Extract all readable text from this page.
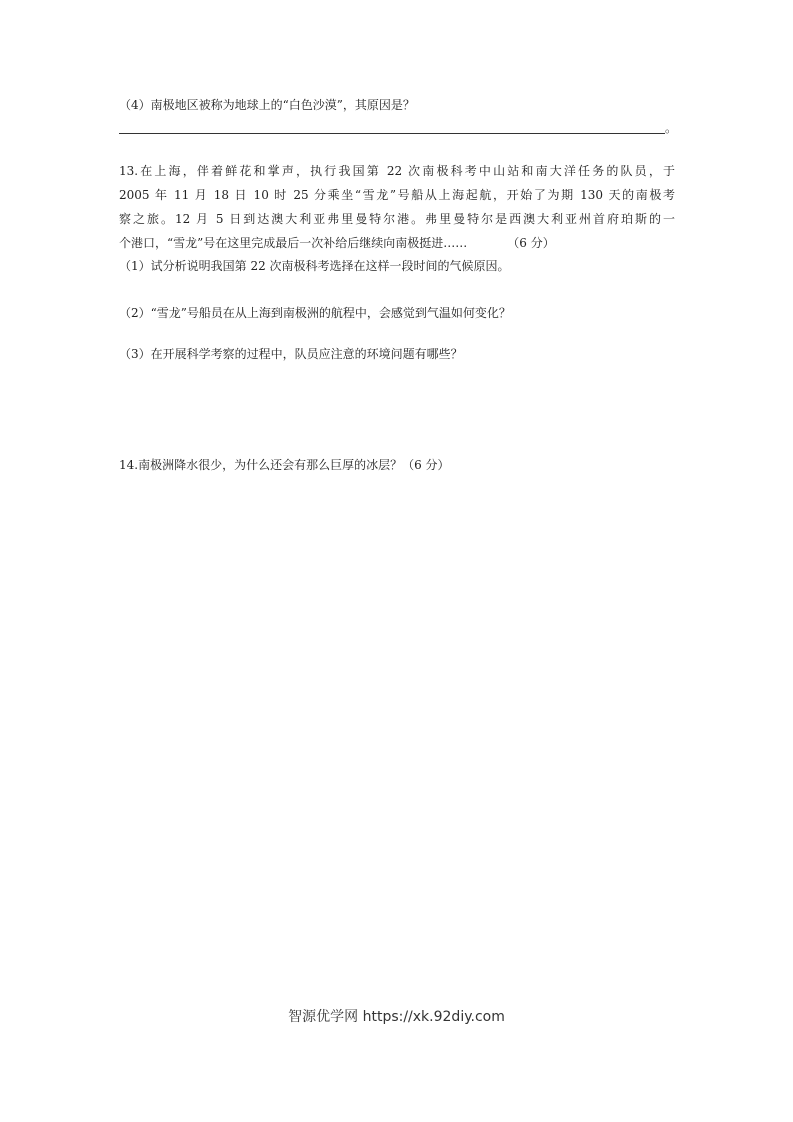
（4）南极地区被称为地球上的“白色沙漠”，其原因是？
。
13.在上海，伴着鲜花和掌声，执行我国第 22 次南极科考中山站和南大洋任务的队员，于
2005 年 11 月 18 日 10 时 25 分乘坐“雪龙”号船从上海起航，开始了为期 130 天的南极考
察之旅。12 月 5 日到达澳大利亚弗里曼特尔港。弗里曼特尔是西澳大利亚州首府珀斯的一
个港口，“雪龙”号在这里完成最后一次补给后继续向南极挺进……	（6 分）
（1）试分析说明我国第 22 次南极科考选择在这样一段时间的气候原因。
（2）“雪龙”号船员在从上海到南极洲的航程中，会感觉到气温如何变化？
（3）在开展科学考察的过程中，队员应注意的环境问题有哪些？
14.南极洲降水很少，为什么还会有那么巨厚的冰层？（6 分）
智源优学网 https://xk.92diy.com
